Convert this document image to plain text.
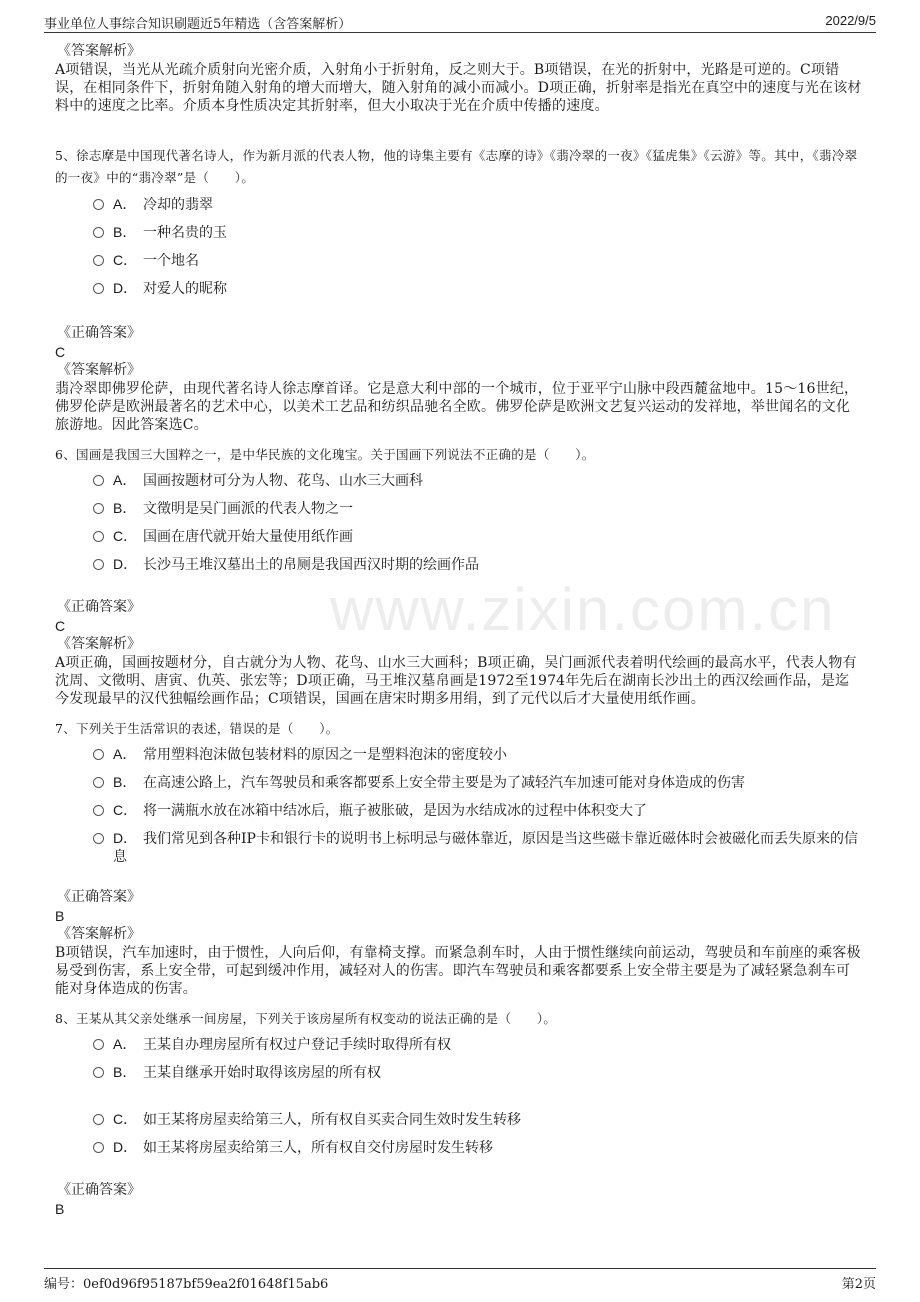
事业单位人事综合知识刷题近5年精选（含答案解析）	2022/9/5
www.zixin.com.cn
《答案解析》
A项错误，当光从光疏介质射向光密介质，入射角小于折射角，反之则大于。B项错误，在光的折射中，光路是可逆的。C项错误，在相同条件下，折射角随入射角的增大而增大，随入射角的减小而减小。D项正确，折射率是指光在真空中的速度与光在该材料中的速度之比率。介质本身性质决定其折射率，但大小取决于光在介质中传播的速度。
5、徐志摩是中国现代著名诗人，作为新月派的代表人物，他的诗集主要有《志摩的诗》《翡冷翠的一夜》《猛虎集》《云游》等。其中，《翡冷翠的一夜》中的“翡冷翠”是（　　）。
A． 冷却的翡翠
B． 一种名贵的玉
C． 一个地名
D． 对爱人的昵称
《正确答案》
C
《答案解析》
翡冷翠即佛罗伦萨，由现代著名诗人徐志摩首译。它是意大利中部的一个城市，位于亚平宁山脉中段西麓盆地中。15～16世纪，佛罗伦萨是欧洲最著名的艺术中心，以美术工艺品和纺织品驰名全欧。佛罗伦萨是欧洲文艺复兴运动的发祥地，举世闻名的文化旅游地。因此答案选C。
6、国画是我国三大国粹之一，是中华民族的文化瑰宝。关于国画下列说法不正确的是（　　）。
A． 国画按题材可分为人物、花鸟、山水三大画科
B． 文徵明是吴门画派的代表人物之一
C． 国画在唐代就开始大量使用纸作画
D． 长沙马王堆汉墓出土的帛厕是我国西汉时期的绘画作品
《正确答案》
C
《答案解析》
A项正确，国画按题材分，自古就分为人物、花鸟、山水三大画科；B项正确，吴门画派代表着明代绘画的最高水平，代表人物有沈周、文徵明、唐寅、仇英、张宏等；D项正确，马王堆汉墓帛画是1972至1974年先后在湖南长沙出土的西汉绘画作品，是迄今发现最早的汉代独幅绘画作品；C项错误，国画在唐宋时期多用绢，到了元代以后才大量使用纸作画。
7、下列关于生活常识的表述，错误的是（　　）。
A． 常用塑料泡沫做包装材料的原因之一是塑料泡沫的密度较小
B． 在高速公路上，汽车驾驶员和乘客都要系上安全带主要是为了减轻汽车加速可能对身体造成的伤害
C． 将一满瓶水放在冰箱中结冰后，瓶子被胀破，是因为水结成冰的过程中体积变大了
D． 我们常见到各种IP卡和银行卡的说明书上标明忌与磁体靠近，原因是当这些磁卡靠近磁体时会被磁化而丢失原来的信息
《正确答案》
B
《答案解析》
B项错误，汽车加速时，由于惯性，人向后仰，有靠椅支撑。而紧急刹车时，人由于惯性继续向前运动，驾驶员和车前座的乘客极易受到伤害，系上安全带，可起到缓冲作用，减轻对人的伤害。即汽车驾驶员和乘客都要系上安全带主要是为了减轻紧急刹车可能对身体造成的伤害。
8、王某从其父亲处继承一间房屋，下列关于该房屋所有权变动的说法正确的是（　　）。
A． 王某自办理房屋所有权过户登记手续时取得所有权
B． 王某自继承开始时取得该房屋的所有权
C． 如王某将房屋卖给第三人，所有权自买卖合同生效时发生转移
D． 如王某将房屋卖给第三人，所有权自交付房屋时发生转移
《正确答案》
B
编号：0ef0d96f95187bf59ea2f01648f15ab6	第2页
